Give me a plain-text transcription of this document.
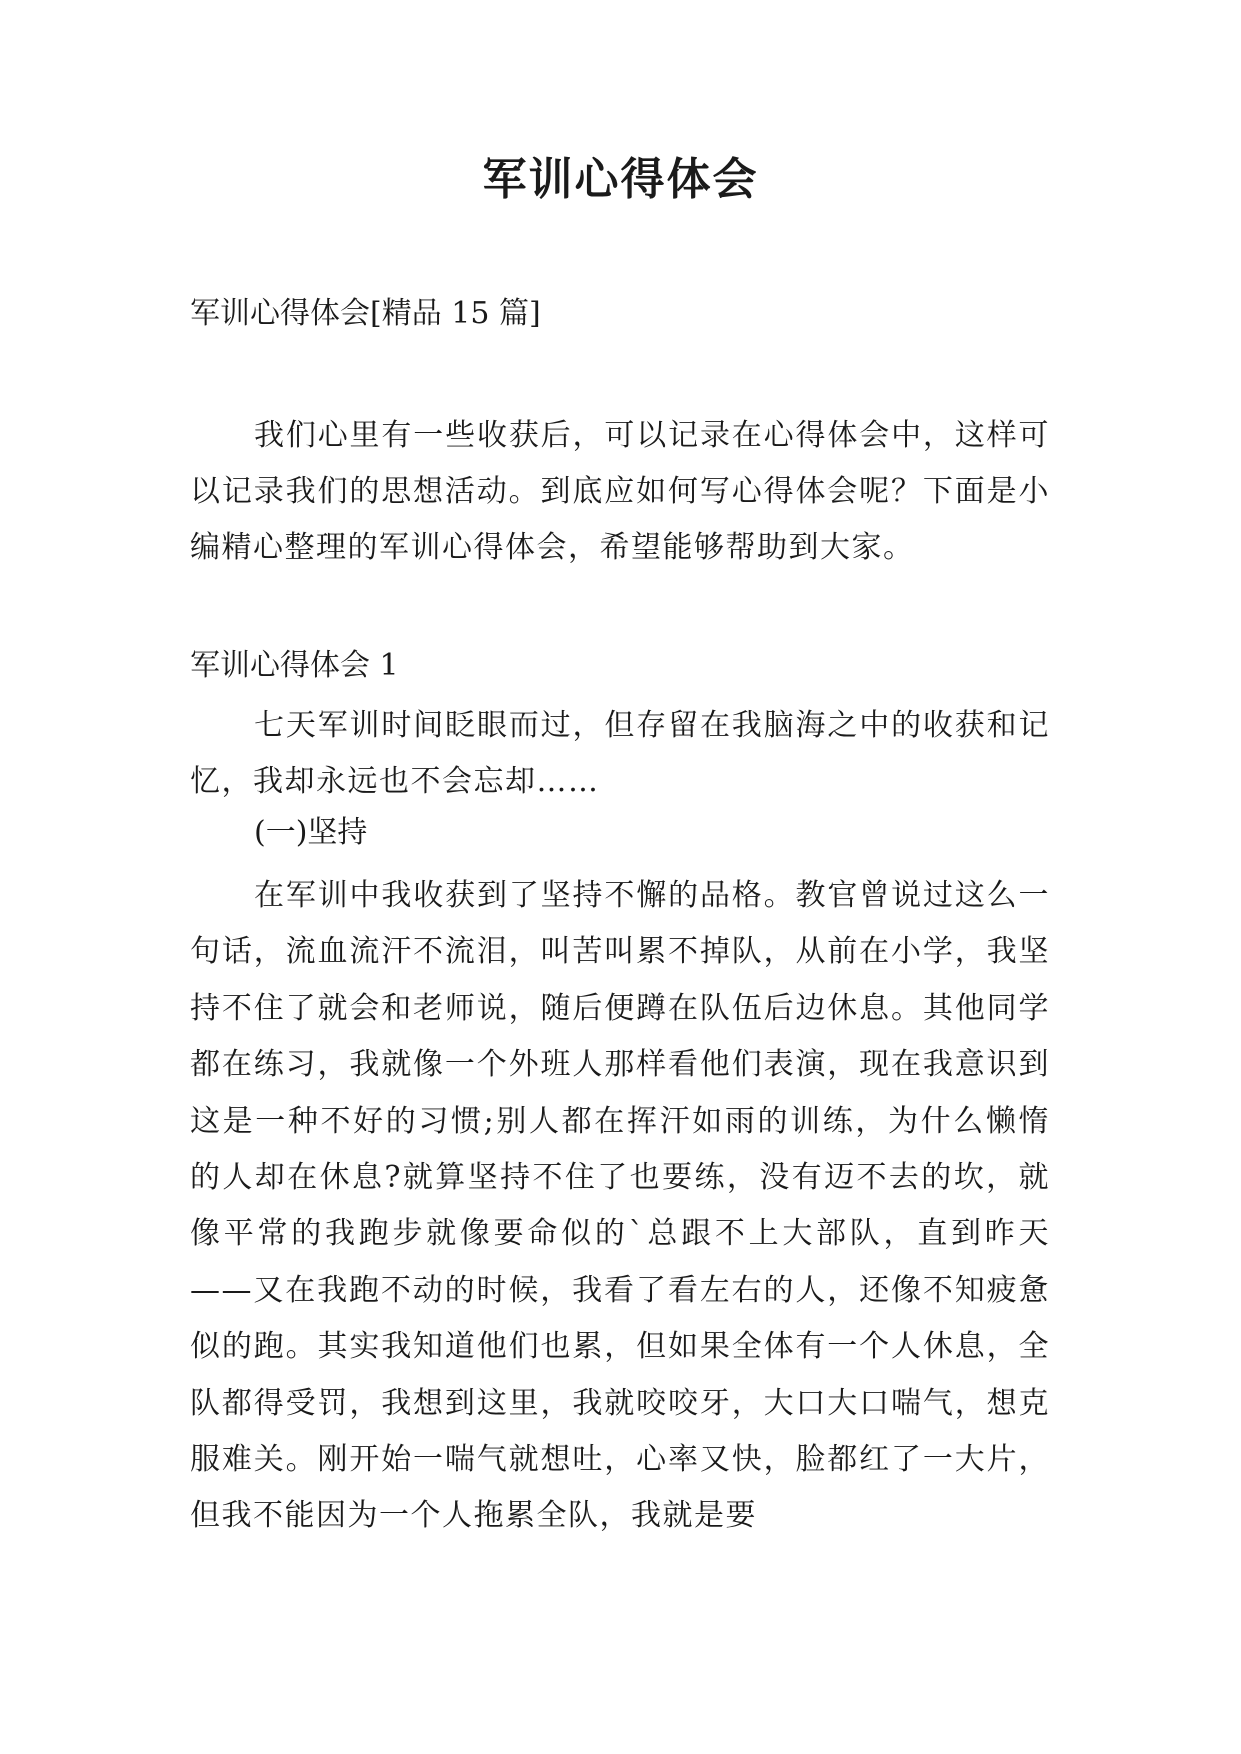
军训心得体会

军训心得体会[精品 15 篇]

我们心里有一些收获后，可以记录在心得体会中，这样可以记录我们的思想活动。到底应如何写心得体会呢？下面是小编精心整理的军训心得体会，希望能够帮助到大家。

军训心得体会 1

七天军训时间眨眼而过，但存留在我脑海之中的收获和记忆，我却永远也不会忘却……

(一)坚持

在军训中我收获到了坚持不懈的品格。教官曾说过这么一句话，流血流汗不流泪，叫苦叫累不掉队，从前在小学，我坚持不住了就会和老师说，随后便蹲在队伍后边休息。其他同学都在练习，我就像一个外班人那样看他们表演，现在我意识到这是一种不好的习惯;别人都在挥汗如雨的训练，为什么懒惰的人却在休息?就算坚持不住了也要练，没有迈不去的坎，就像平常的我跑步就像要命似的`总跟不上大部队，直到昨天——又在我跑不动的时候，我看了看左右的人，还像不知疲惫似的跑。其实我知道他们也累，但如果全体有一个人休息，全队都得受罚，我想到这里，我就咬咬牙，大口大口喘气，想克服难关。刚开始一喘气就想吐，心率又快，脸都红了一大片，但我不能因为一个人拖累全队，我就是要
